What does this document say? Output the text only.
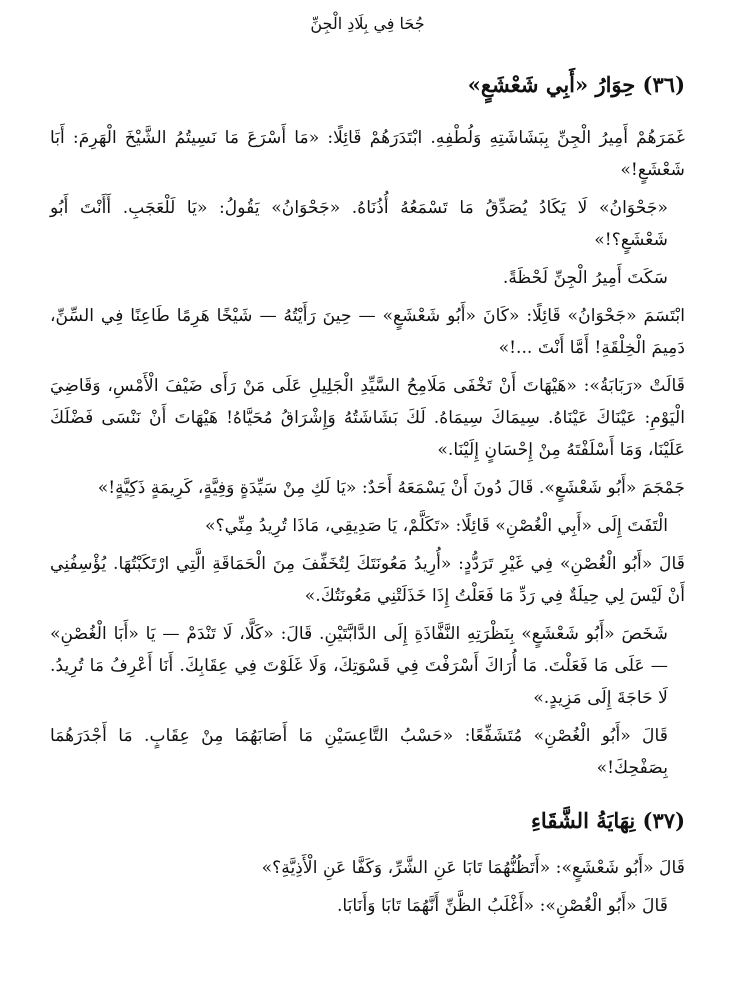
جُحَا فِي بِلَادِ الْجِنِّ
(٣٦) حِوَارُ «أَبِي شَعْشَعٍ»

غَمَرَهُمْ أَمِيرُ الْجِنِّ بِبَشَاشَتِهِ وَلُطْفِهِ. ابْتَدَرَهُمْ قَائِلًا: «مَا أَسْرَعَ مَا نَسِيتُمُ الشَّيْخَ الْهَرِمَ: أَبَا شَعْشَعٍ!»

«جَحْوَانُ» لَا يَكَادُ يُصَدِّقُ مَا تَسْمَعُهُ أُذُنَاهُ. «جَحْوَانُ» يَقُولُ: «يَا لَلْعَجَبِ. أَأَنْتَ أَبُو شَعْشَعٍ؟!»

سَكَتَ أَمِيرُ الْجِنِّ لَحْظَةً.

ابْتَسَمَ «جَحْوَانُ» قَائِلًا: «كَانَ «أَبُو شَعْشَعٍ» — حِينَ رَأَيْتُهُ — شَيْخًا هَرِمًا طَاعِنًا فِي السِّنِّ، دَمِيمَ الْخِلْقَةِ! أَمَّا أَنْتَ ...!»

قَالَتْ «رَبَابَةُ»: «هَيْهَاتَ أَنْ تَخْفَى مَلَامِحُ السَّيِّدِ الْجَلِيلِ عَلَى مَنْ رَأَى ضَيْفَ الْأَمْسِ، وَقَاضِيَ الْيَوْمِ: عَيْنَاكَ عَيْنَاهُ. سِيمَاكَ سِيمَاهُ. لَكَ بَشَاشَتُهُ وَإِشْرَاقُ مُحَيَّاهُ! هَيْهَاتَ أَنْ نَنْسَى فَضْلَكَ عَلَيْنَا، وَمَا أَسْلَفْتَهُ مِنْ إِحْسَانٍ إِلَيْنَا.»

جَمْجَمَ «أَبُو شَعْشَعٍ». قَالَ دُونَ أَنْ يَسْمَعَهُ أَحَدٌ: «يَا لَكِ مِنْ سَيِّدَةٍ وَفِيَّةٍ، كَرِيمَةٍ ذَكِيَّةٍ!»

الْتَفَتَ إِلَى «أَبِي الْغُصْنِ» قَائِلًا: «تَكَلَّمْ، يَا صَدِيقِي، مَاذَا تُرِيدُ مِنِّي؟»

قَالَ «أَبُو الْغُصْنِ» فِي غَيْرِ تَرَدُّدٍ: «أُرِيدُ مَعُونَتَكَ لِتُخَفِّفَ مِنَ الْحَمَاقَةِ الَّتِي ارْتَكَبْتُهَا. يُؤْسِفُنِي أَنْ لَيْسَ لِي حِيلَةٌ فِي رَدِّ مَا فَعَلْتُ إِذَا خَذَلَتْنِي مَعُونَتُكَ.»

شَخَصَ «أَبُو شَعْشَعٍ» بِنَظْرَتِهِ النَّفَّاذَةِ إِلَى الدَّابَّتَيْنِ. قَالَ: «كَلَّا، لَا تَنْدَمْ — يَا «أَبَا الْغُصْنِ» — عَلَى مَا فَعَلْتَ. مَا أُرَاكَ أَسْرَفْتَ فِي قَسْوَتِكَ، وَلَا غَلَوْتَ فِي عِقَابِكَ. أَنَا أَعْرِفُ مَا تُرِيدُ. لَا حَاجَةَ إِلَى مَزِيدٍ.»

قَالَ «أَبُو الْغُصْنِ» مُتَشَفِّعًا: «حَسْبُ التَّاعِسَيْنِ مَا أَصَابَهُمَا مِنْ عِقَابٍ. مَا أَجْدَرَهُمَا بِصَفْحِكَ!»

(٣٧) نِهَايَةُ الشَّقَاءِ

قَالَ «أَبُو شَعْشَعٍ»: «أَتَظُنُّهُمَا تَابَا عَنِ الشَّرِّ، وَكَفَّا عَنِ الْأَذِيَّةِ؟»

قَالَ «أَبُو الْغُصْنِ»: «أَغْلَبُ الظَّنِّ أَنَّهُمَا تَابَا وَأَنَابَا.
